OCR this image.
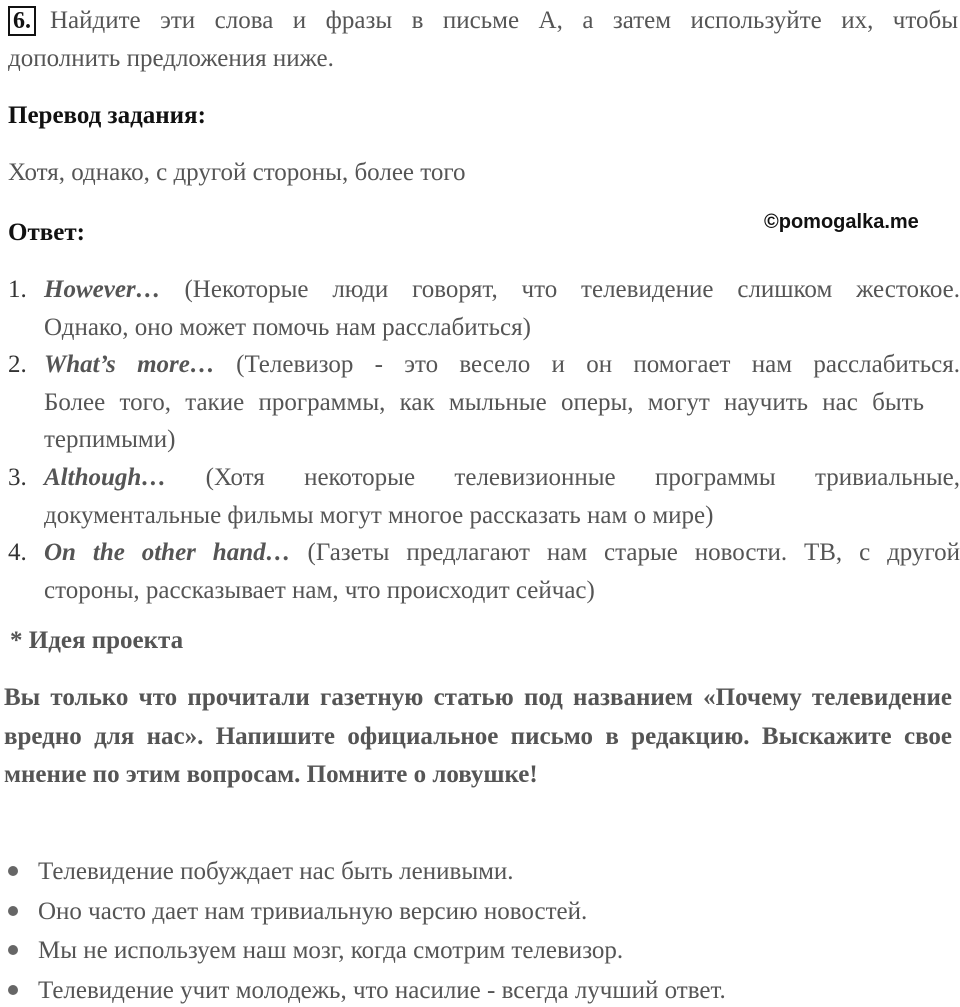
6. Найдите эти слова и фразы в письме A, а затем используйте их, чтобы
дополнить предложения ниже.
Перевод задания:
Хотя, однако, с другой стороны, более того
Ответ:	©pomogalka.me
1. However… (Некоторые люди говорят, что телевидение слишком жестокое.
Однако, оно может помочь нам расслабиться)
2. What’s more… (Телевизор - это весело и он помогает нам расслабиться.
Более того, такие программы, как мыльные оперы, могут научить нас быть терпимыми)
3. Although… (Хотя некоторые телевизионные программы тривиальные,
документальные фильмы могут многое рассказать нам о мире)
4. On the other hand… (Газеты предлагают нам старые новости. ТВ, с другой
стороны, рассказывает нам, что происходит сейчас)
* Идея проекта
Вы только что прочитали газетную статью под названием «Почему телевидение вредно для нас». Напишите официальное письмо в редакцию. Выскажите свое мнение по этим вопросам. Помните о ловушке!
Телевидение побуждает нас быть ленивыми.
Оно часто дает нам тривиальную версию новостей.
Мы не используем наш мозг, когда смотрим телевизор.
Телевидение учит молодежь, что насилие - всегда лучший ответ.
